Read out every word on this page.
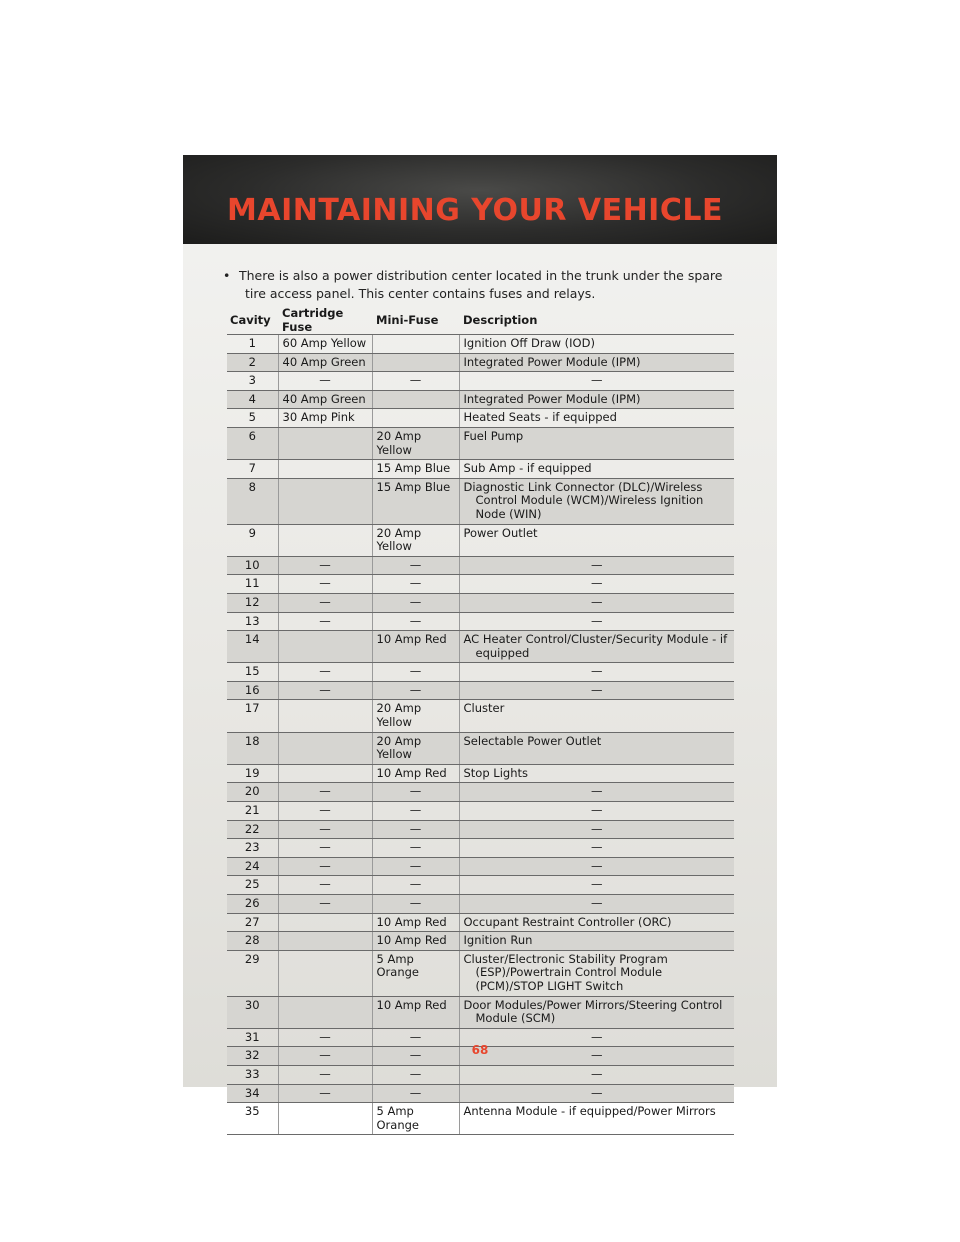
MAINTAINING YOUR VEHICLE
• There is also a power distribution center located in the trunk under the spare tire access panel. This center contains fuses and relays.
Cavity	Cartridge Fuse	Mini-Fuse	Description
1	60 Amp Yellow		Ignition Off Draw (IOD)

2	40 Amp Green		Integrated Power Module (IPM)

3	—	—	—

4	40 Amp Green		Integrated Power Module (IPM)

5	30 Amp Pink		Heated Seats - if equipped

6		20 Amp Yellow	Fuel Pump

7		15 Amp Blue	Sub Amp - if equipped

8		15 Amp Blue	Diagnostic Link Connector (DLC)/Wireless Control Module (WCM)/Wireless Ignition Node (WIN)

9		20 Amp Yellow	Power Outlet

10	—	—	—

11	—	—	—

12	—	—	—

13	—	—	—

14		10 Amp Red	AC Heater Control/Cluster/Security Module - if equipped

15	—	—	—

16	—	—	—

17		20 Amp Yellow	Cluster

18		20 Amp Yellow	Selectable Power Outlet

19		10 Amp Red	Stop Lights

20	—	—	—

21	—	—	—

22	—	—	—

23	—	—	—

24	—	—	—

25	—	—	—

26	—	—	—

27		10 Amp Red	Occupant Restraint Controller (ORC)

28		10 Amp Red	Ignition Run

29		5 Amp Orange	Cluster/Electronic Stability Program (ESP)/Powertrain Control Module (PCM)/STOP LIGHT Switch

30		10 Amp Red	Door Modules/Power Mirrors/Steering Control Module (SCM)

31	—	—	—

32	—	—	—

33	—	—	—

34	—	—	—

35		5 Amp Orange	Antenna Module - if equipped/Power Mirrors
68
